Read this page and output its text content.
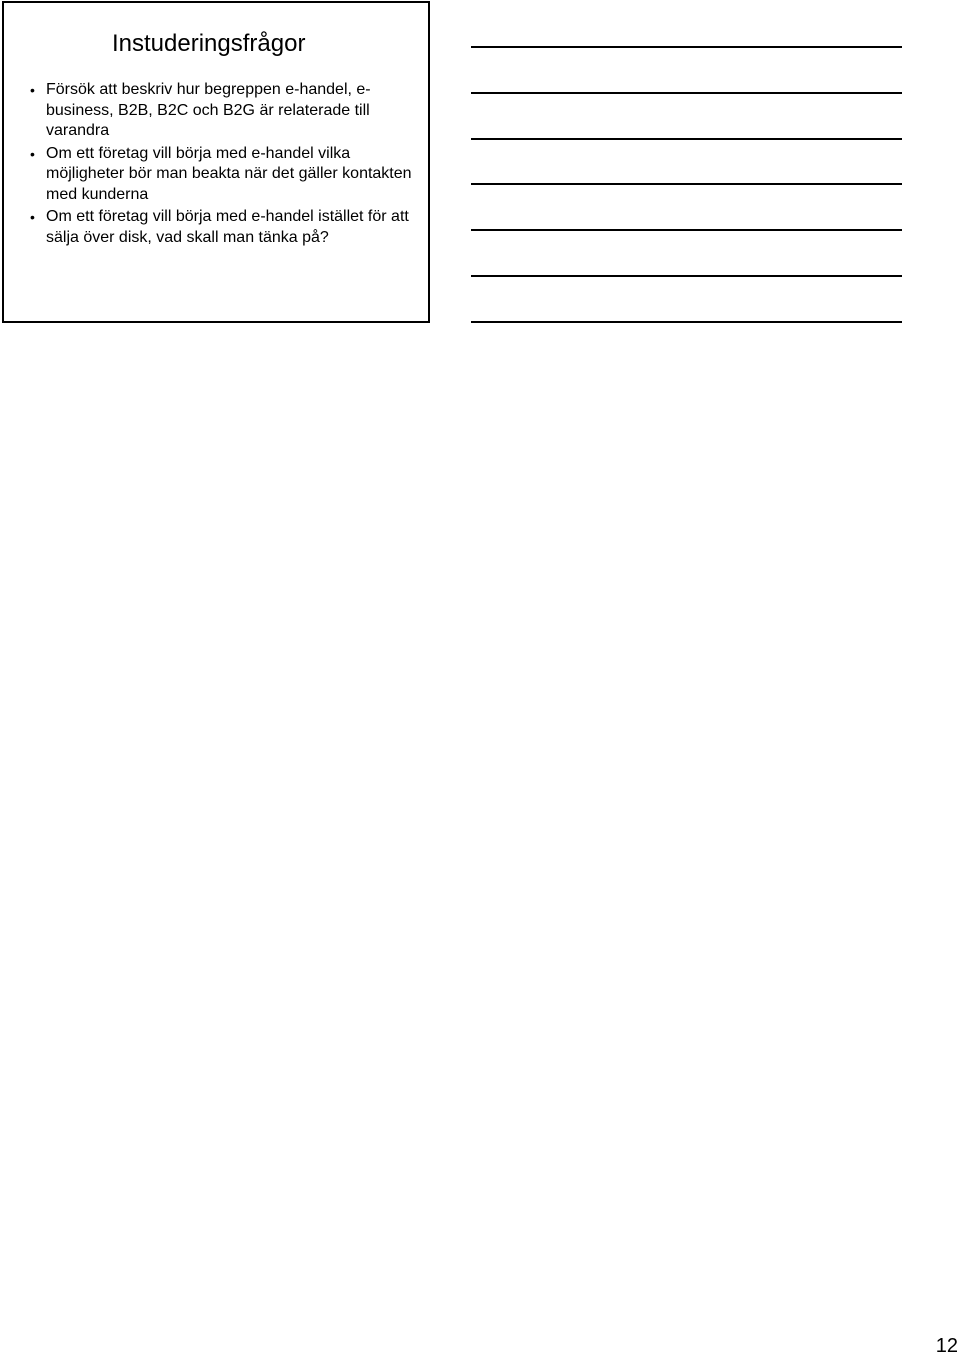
Instuderingsfrågor
• Försök att beskriv hur begreppen e-handel, e-business, B2B, B2C och B2G är relaterade till varandra
• Om ett företag vill börja med e-handel vilka möjligheter bör man beakta när det gäller kontakten med kunderna
• Om ett företag vill börja med e-handel istället för att sälja över disk, vad skall man tänka på?
12
